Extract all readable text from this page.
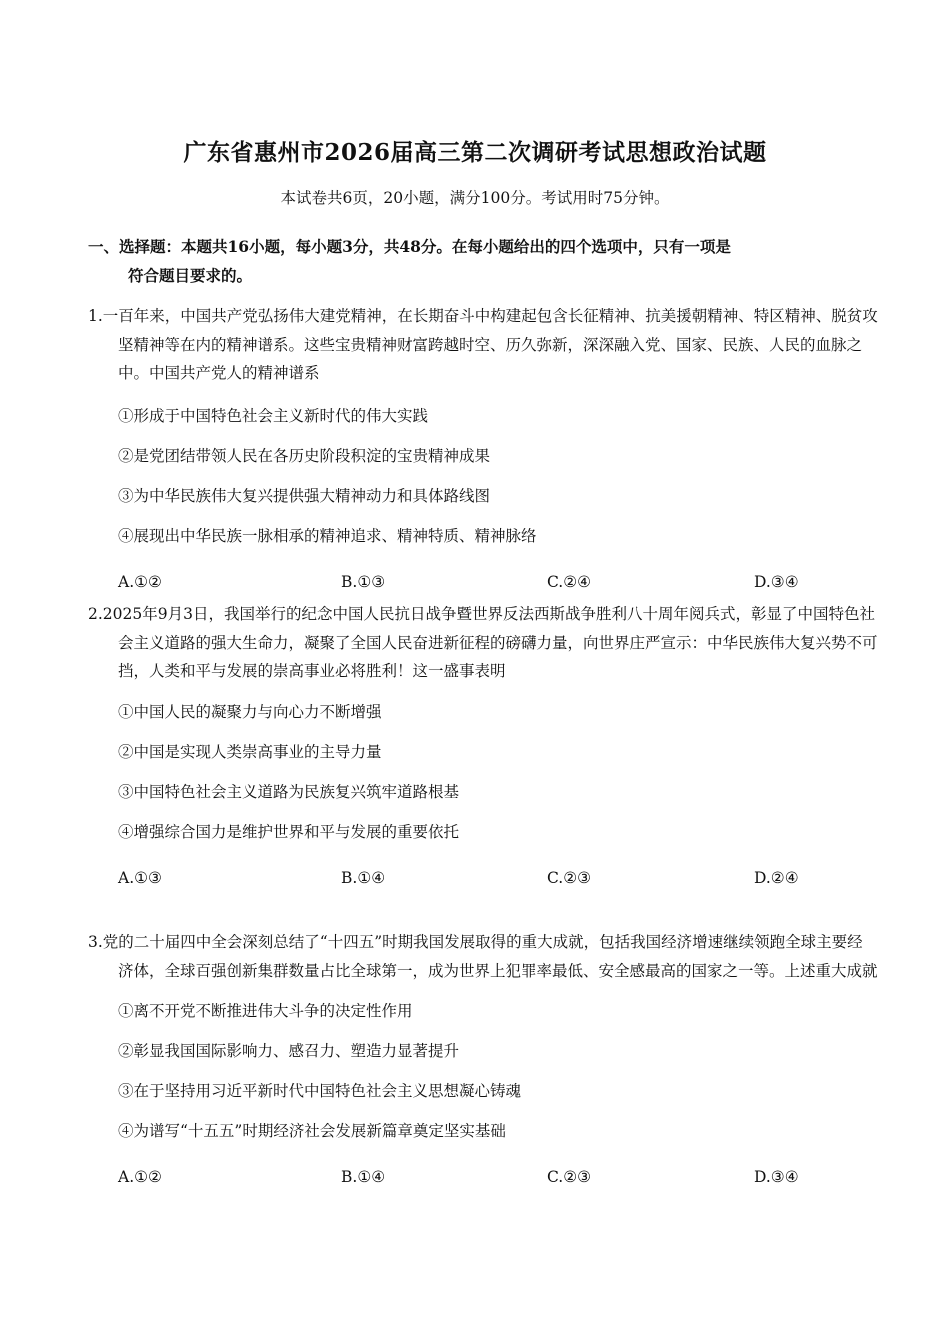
广东省惠州市2026届高三第二次调研考试思想政治试题
本试卷共6页，20小题，满分100分。考试用时75分钟。
一、选择题：本题共16小题，每小题3分，共48分。在每小题给出的四个选项中，只有一项是
符合题目要求的。
1.一百年来，中国共产党弘扬伟大建党精神，在长期奋斗中构建起包含长征精神、抗美援朝精神、特区精神、脱贫攻坚精神等在内的精神谱系。这些宝贵精神财富跨越时空、历久弥新，深深融入党、国家、民族、人民的血脉之中。中国共产党人的精神谱系
①形成于中国特色社会主义新时代的伟大实践
②是党团结带领人民在各历史阶段积淀的宝贵精神成果
③为中华民族伟大复兴提供强大精神动力和具体路线图
④展现出中华民族一脉相承的精神追求、精神特质、精神脉络
A.①②	B.①③	C.②④	D.③④
2.2025年9月3日，我国举行的纪念中国人民抗日战争暨世界反法西斯战争胜利八十周年阅兵式，彰显了中国特色社会主义道路的强大生命力，凝聚了全国人民奋进新征程的磅礴力量，向世界庄严宣示：中华民族伟大复兴势不可挡，人类和平与发展的崇高事业必将胜利！这一盛事表明
①中国人民的凝聚力与向心力不断增强
②中国是实现人类崇高事业的主导力量
③中国特色社会主义道路为民族复兴筑牢道路根基
④增强综合国力是维护世界和平与发展的重要依托
A.①③	B.①④	C.②③	D.②④
3.党的二十届四中全会深刻总结了“十四五”时期我国发展取得的重大成就，包括我国经济增速继续领跑全球主要经济体，全球百强创新集群数量占比全球第一，成为世界上犯罪率最低、安全感最高的国家之一等。上述重大成就
①离不开党不断推进伟大斗争的决定性作用
②彰显我国国际影响力、感召力、塑造力显著提升
③在于坚持用习近平新时代中国特色社会主义思想凝心铸魂
④为谱写“十五五”时期经济社会发展新篇章奠定坚实基础
A.①②	B.①④	C.②③	D.③④
